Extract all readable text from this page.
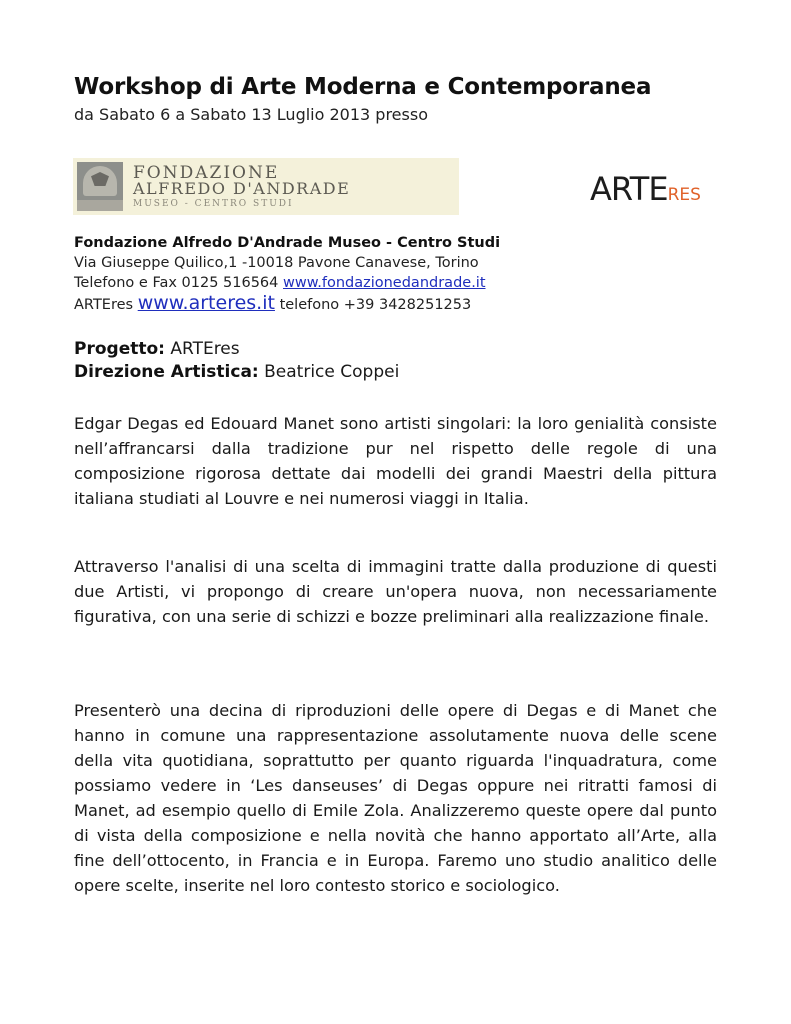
Workshop di Arte Moderna e Contemporanea
da Sabato 6 a Sabato 13 Luglio 2013 presso
FONDAZIONE
ALFREDO D'ANDRADE
MUSEO - CENTRO STUDI	ARTERES
Fondazione Alfredo D'Andrade Museo - Centro Studi
Via Giuseppe Quilico,1 -10018 Pavone Canavese, Torino
Telefono e Fax 0125 516564 www.fondazionedandrade.it
ARTEres www.arteres.it telefono +39 3428251253
Progetto: ARTEres
Direzione Artistica: Beatrice Coppei
Edgar Degas ed Edouard Manet sono artisti singolari: la loro genialità consiste nell’affrancarsi dalla tradizione pur nel rispetto delle regole di una composizione rigorosa dettate dai modelli dei grandi Maestri della pittura italiana studiati al Louvre e nei numerosi viaggi in Italia.
Attraverso l'analisi di una scelta di immagini tratte dalla produzione di questi due Artisti, vi propongo di creare un'opera nuova, non necessariamente figurativa, con una serie di schizzi e bozze preliminari alla realizzazione finale.
Presenterò una decina di riproduzioni delle opere di Degas e di Manet che hanno in comune una rappresentazione assolutamente nuova delle scene della vita quotidiana, soprattutto per quanto riguarda l'inquadratura, come possiamo vedere in ‘Les danseuses’ di Degas oppure nei ritratti famosi di Manet, ad esempio quello di Emile Zola. Analizzeremo queste opere dal punto di vista della composizione e nella novità che hanno apportato all’Arte, alla fine dell’ottocento, in Francia e in Europa. Faremo uno studio analitico delle opere scelte, inserite nel loro contesto storico e sociologico.
